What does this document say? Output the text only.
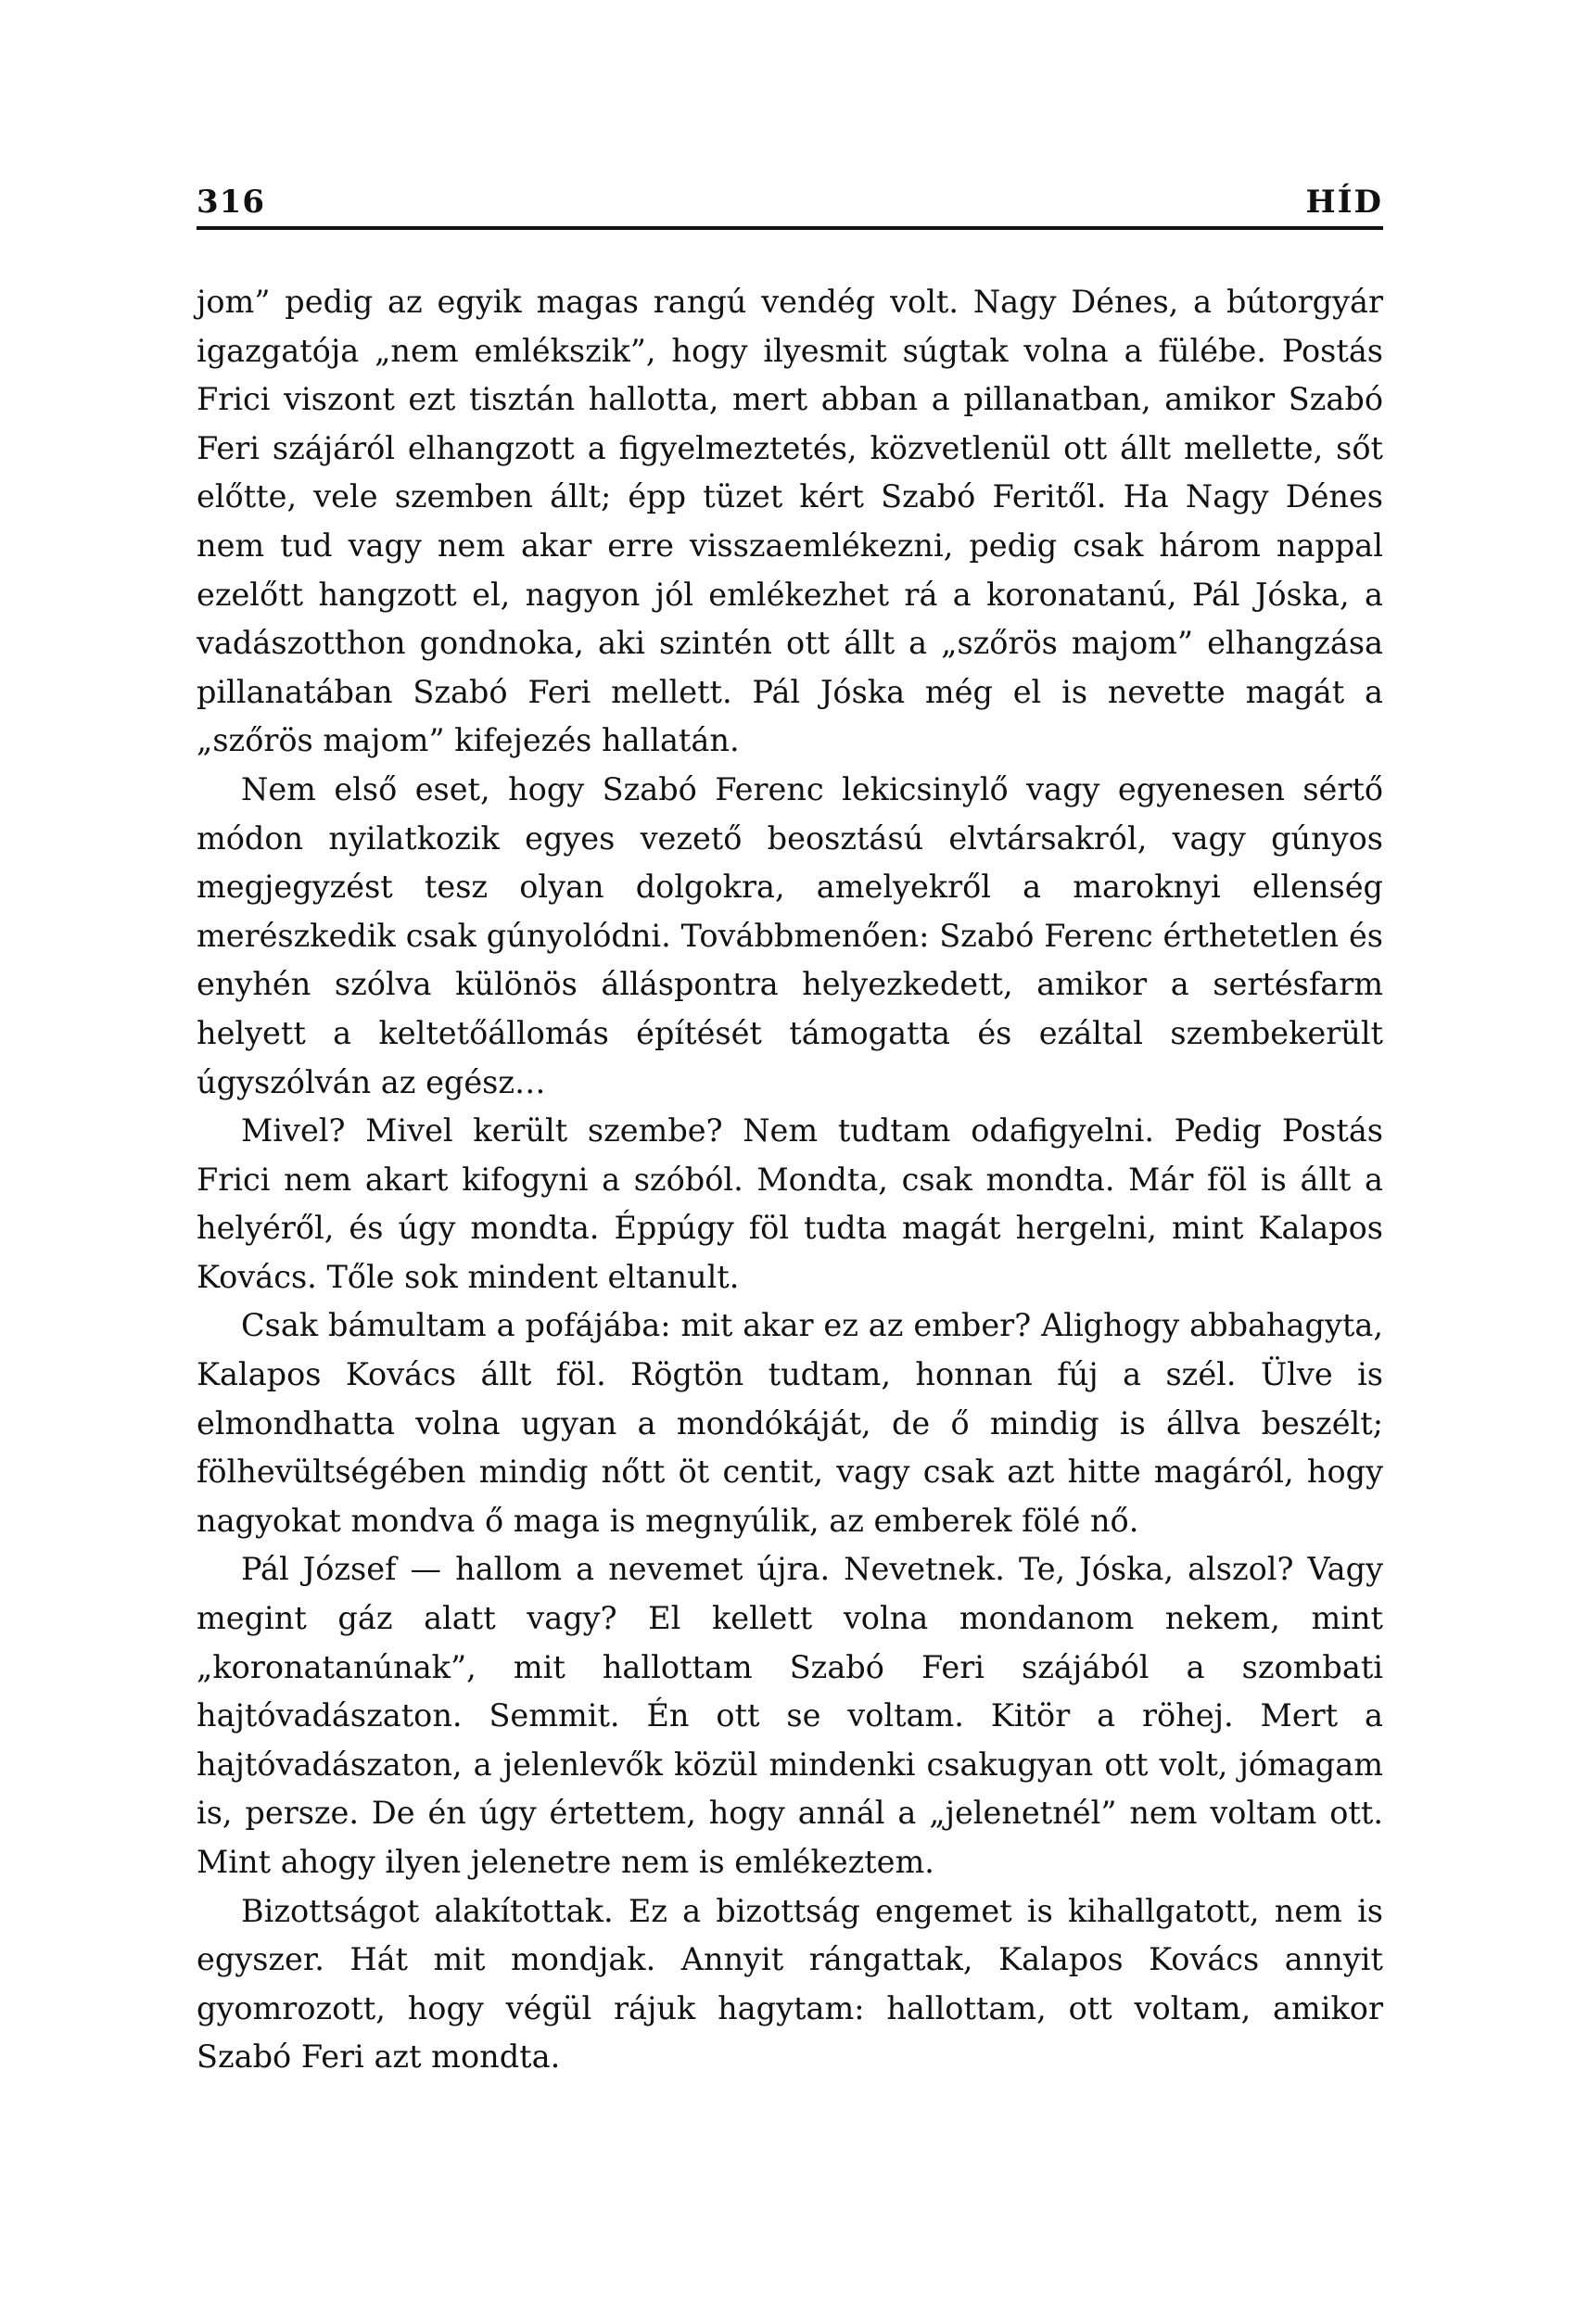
316	HÍD

jom” pedig az egyik magas rangú vendég volt. Nagy Dénes, a bútorgyár igazgatója „nem emlékszik”, hogy ilyesmit súgtak volna a fülébe. Postás Frici viszont ezt tisztán hallotta, mert abban a pillanatban, amikor Szabó Feri szájáról elhangzott a figyelmeztetés, közvetlenül ott állt mellette, sőt előtte, vele szemben állt; épp tüzet kért Szabó Feritől. Ha Nagy Dénes nem tud vagy nem akar erre visszaemlékezni, pedig csak három nappal ezelőtt hangzott el, nagyon jól emlékezhet rá a koronatanú, Pál Jóska, a vadászotthon gondnoka, aki szintén ott állt a „szőrös majom” elhangzása pillanatában Szabó Feri mellett. Pál Jóska még el is nevette magát a „szőrös majom” kifejezés hallatán.

Nem első eset, hogy Szabó Ferenc lekicsinylő vagy egyenesen sértő módon nyilatkozik egyes vezető beosztású elvtársakról, vagy gúnyos megjegyzést tesz olyan dolgokra, amelyekről a maroknyi ellenség merészkedik csak gúnyolódni. Továbbmenően: Szabó Ferenc érthetetlen és enyhén szólva különös álláspontra helyezkedett, amikor a sertésfarm helyett a keltetőállomás építését támogatta és ezáltal szembekerült úgyszólván az egész…

Mivel? Mivel került szembe? Nem tudtam odafigyelni. Pedig Postás Frici nem akart kifogyni a szóból. Mondta, csak mondta. Már föl is állt a helyéről, és úgy mondta. Éppúgy föl tudta magát hergelni, mint Kalapos Kovács. Tőle sok mindent eltanult.

Csak bámultam a pofájába: mit akar ez az ember? Alighogy abbahagyta, Kalapos Kovács állt föl. Rögtön tudtam, honnan fúj a szél. Ülve is elmondhatta volna ugyan a mondókáját, de ő mindig is állva beszélt; fölhevültségében mindig nőtt öt centit, vagy csak azt hitte magáról, hogy nagyokat mondva ő maga is megnyúlik, az emberek fölé nő.

Pál József — hallom a nevemet újra. Nevetnek. Te, Jóska, alszol? Vagy megint gáz alatt vagy? El kellett volna mondanom nekem, mint „koronatanúnak”, mit hallottam Szabó Feri szájából a szombati hajtóvadászaton. Semmit. Én ott se voltam. Kitör a röhej. Mert a hajtóvadászaton, a jelenlevők közül mindenki csakugyan ott volt, jómagam is, persze. De én úgy értettem, hogy annál a „jelenetnél” nem voltam ott. Mint ahogy ilyen jelenetre nem is emlékeztem.

Bizottságot alakítottak. Ez a bizottság engemet is kihallgatott, nem is egyszer. Hát mit mondjak. Annyit rángattak, Kalapos Kovács annyit gyomrozott, hogy végül rájuk hagytam: hallottam, ott voltam, amikor Szabó Feri azt mondta.
